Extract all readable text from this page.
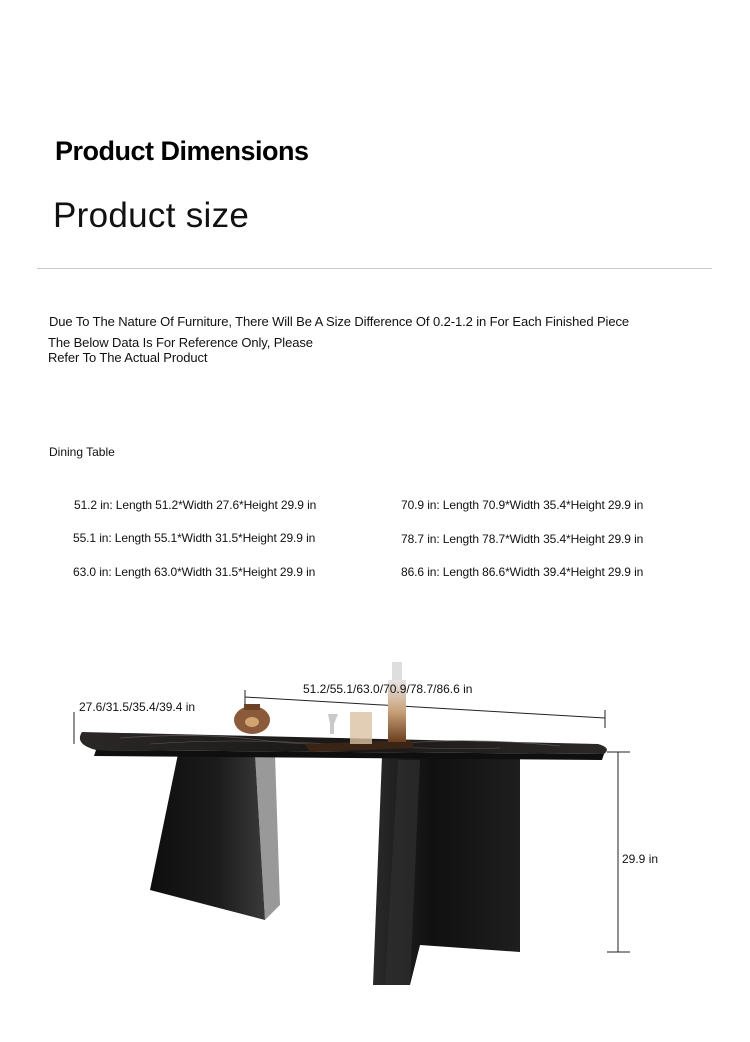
Product Dimensions
Product size
Due To The Nature Of Furniture, There Will Be A Size Difference Of 0.2-1.2 in For Each Finished Piece
The Below Data Is For Reference Only, Please
Refer To The Actual Product
Dining Table
51.2 in: Length 51.2*Width 27.6*Height 29.9 in
55.1 in: Length 55.1*Width 31.5*Height 29.9 in
63.0 in: Length 63.0*Width 31.5*Height 29.9 in
70.9 in: Length 70.9*Width 35.4*Height 29.9 in
78.7 in: Length 78.7*Width 35.4*Height 29.9 in
86.6 in: Length 86.6*Width 39.4*Height 29.9 in
51.2/55.1/63.0/70.9/78.7/86.6 in
27.6/31.5/35.4/39.4 in
29.9 in
